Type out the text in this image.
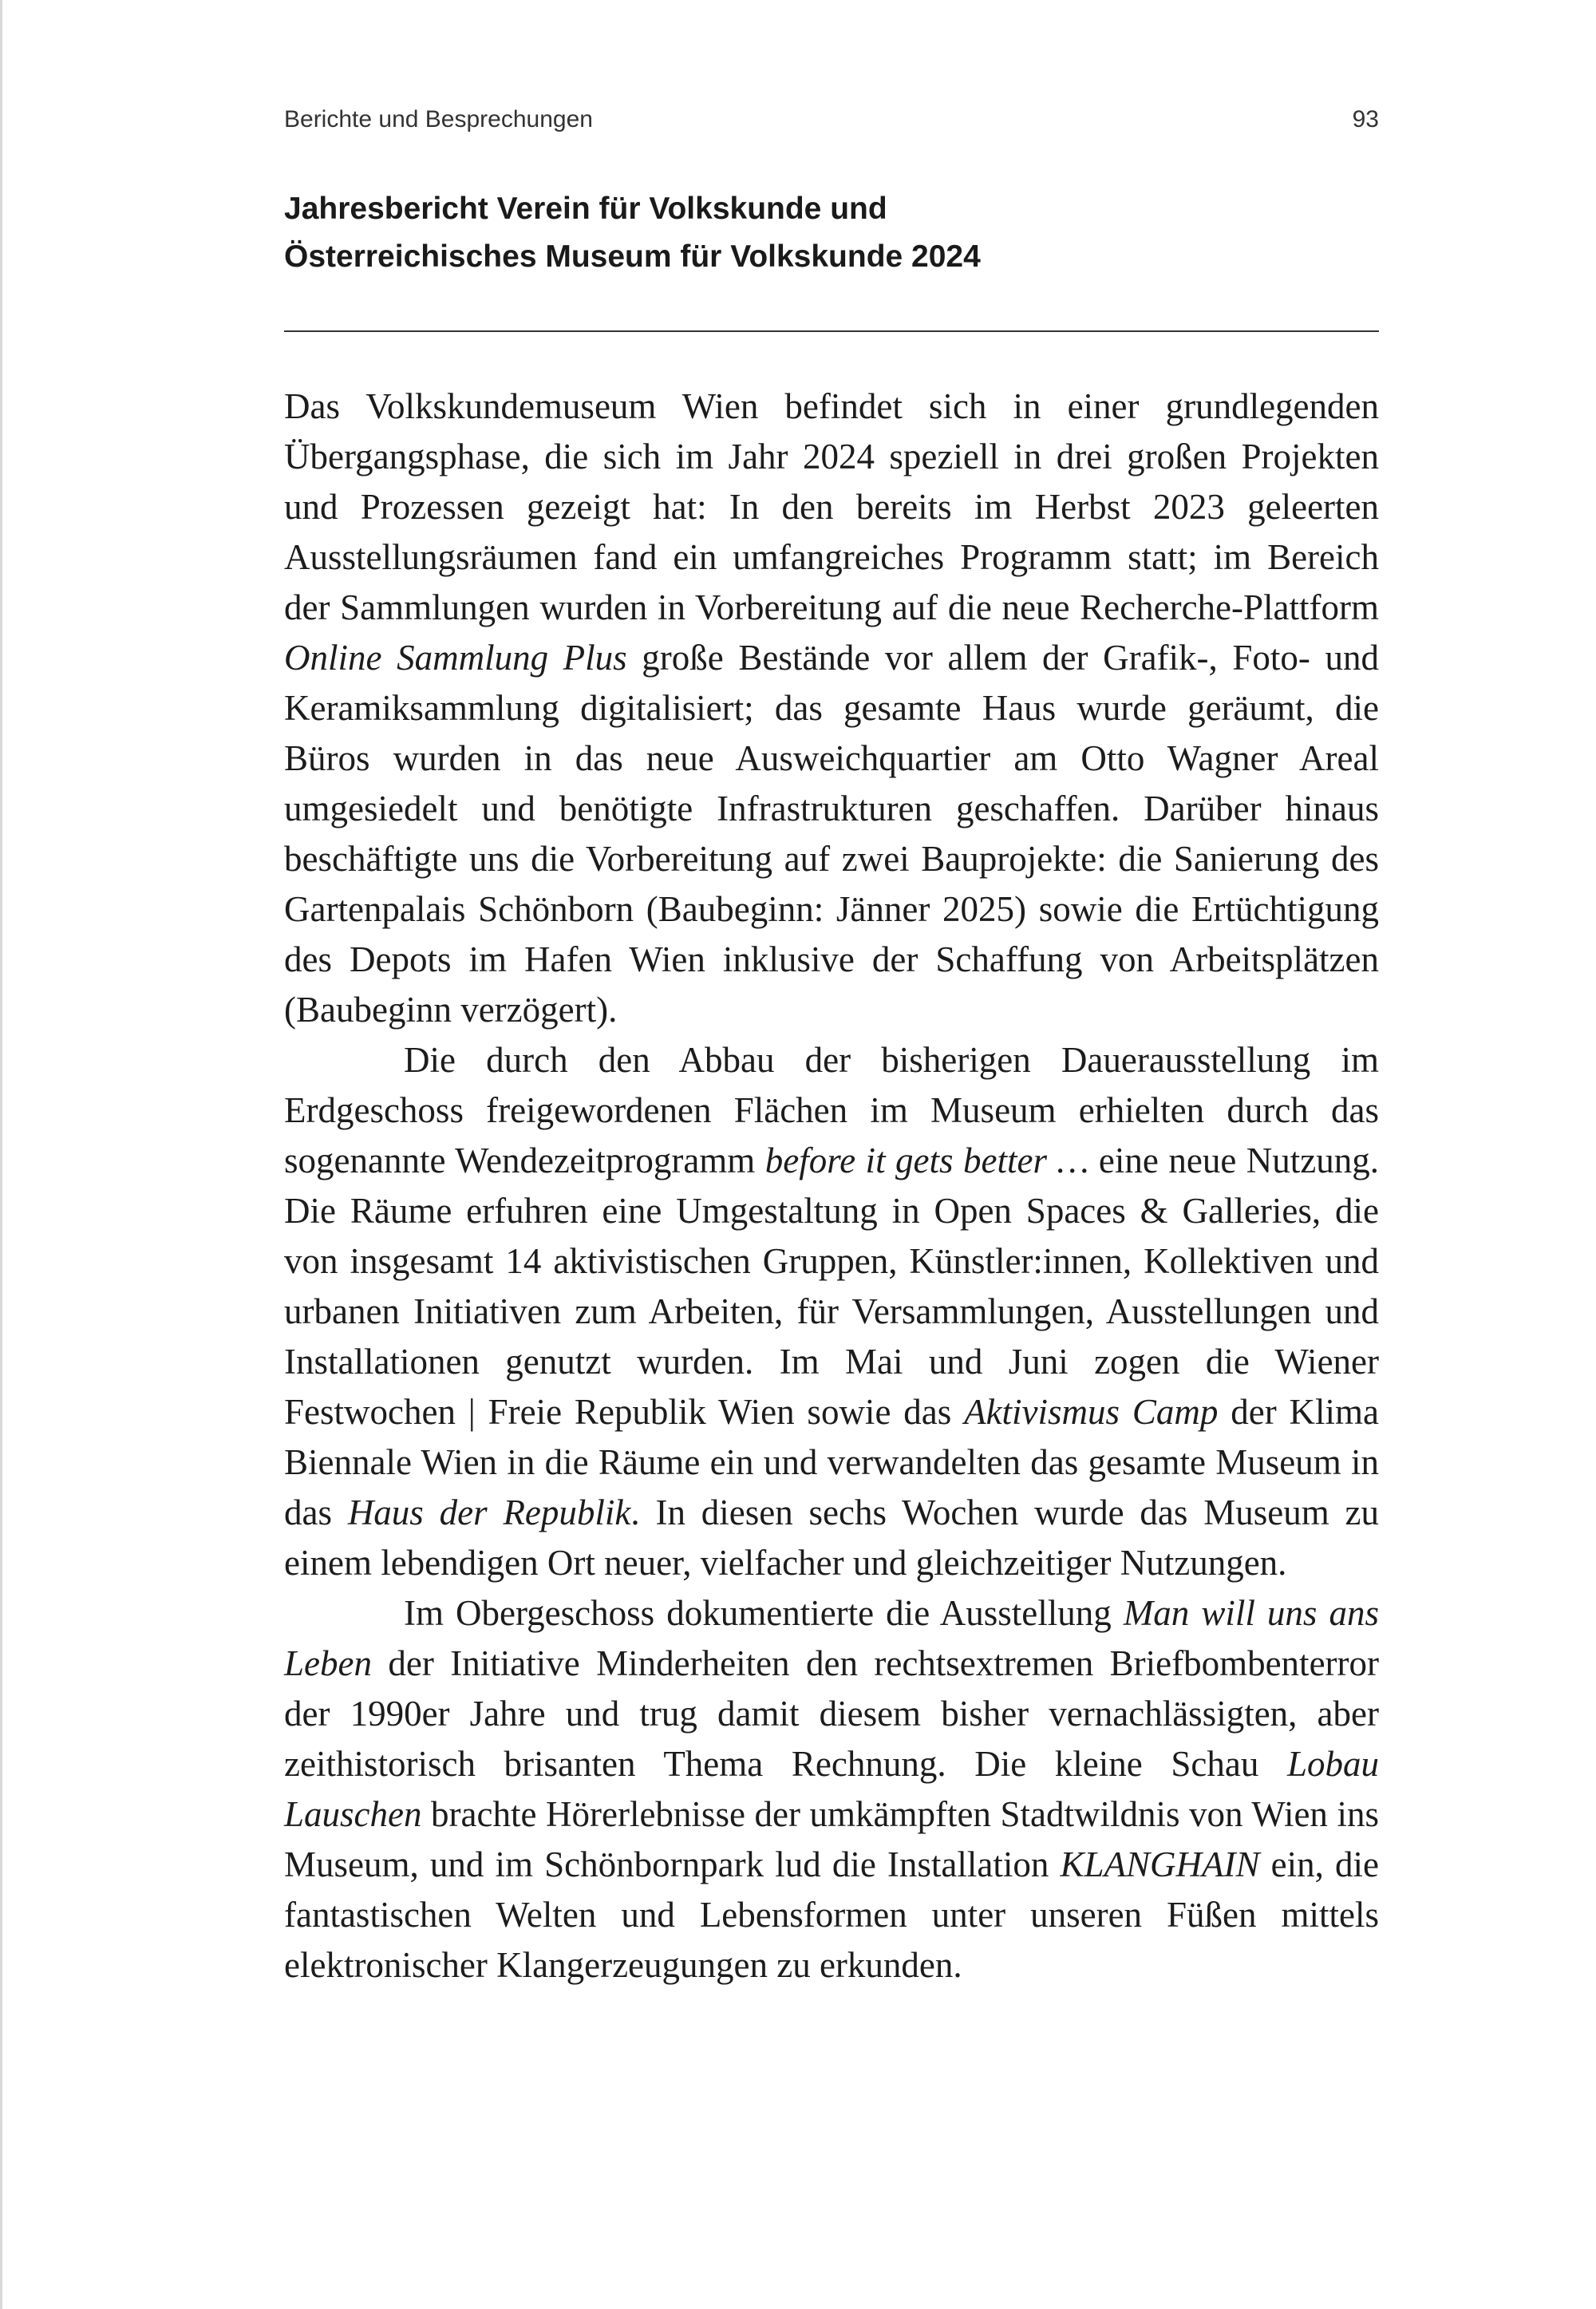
Berichte und Besprechungen	93
Jahresbericht Verein für Volkskunde und
Österreichisches Museum für Volkskunde 2024

Das Volkskundemuseum Wien befindet sich in einer grundlegenden Übergangsphase, die sich im Jahr 2024 speziell in drei großen Projekten und Prozessen gezeigt hat: In den bereits im Herbst 2023 geleerten Ausstellungsräumen fand ein umfangreiches Programm statt; im Bereich der Sammlungen wurden in Vorbereitung auf die neue Recherche-Plattform Online Sammlung Plus große Bestände vor allem der Grafik-, Foto- und Keramiksammlung digitalisiert; das gesamte Haus wurde geräumt, die Büros wurden in das neue Ausweichquartier am Otto Wagner Areal umgesiedelt und benötigte Infrastrukturen geschaffen. Darüber hinaus beschäftigte uns die Vorbereitung auf zwei Bauprojekte: die Sanierung des Gartenpalais Schönborn (Baubeginn: Jänner 2025) sowie die Ertüchtigung des Depots im Hafen Wien inklusive der Schaffung von Arbeitsplätzen (Baubeginn verzögert).

Die durch den Abbau der bisherigen Dauerausstellung im Erdgeschoss freigewordenen Flächen im Museum erhielten durch das sogenannte Wendezeitprogramm before it gets better … eine neue Nutzung. Die Räume erfuhren eine Umgestaltung in Open Spaces & Galleries, die von insgesamt 14 aktivistischen Gruppen, Künstler:innen, Kollektiven und urbanen Initiativen zum Arbeiten, für Versammlungen, Ausstellungen und Installationen genutzt wurden. Im Mai und Juni zogen die Wiener Festwochen | Freie Republik Wien sowie das Aktivismus Camp der Klima Biennale Wien in die Räume ein und verwandelten das gesamte Museum in das Haus der Republik. In diesen sechs Wochen wurde das Museum zu einem lebendigen Ort neuer, vielfacher und gleichzeitiger Nutzungen.

Im Obergeschoss dokumentierte die Ausstellung Man will uns ans Leben der Initiative Minderheiten den rechtsextremen Briefbombenterror der 1990er Jahre und trug damit diesem bisher vernachlässigten, aber zeithistorisch brisanten Thema Rechnung. Die kleine Schau Lobau Lauschen brachte Hörerlebnisse der umkämpften Stadtwildnis von Wien ins Museum, und im Schönbornpark lud die Installation KLANGHAIN ein, die fantastischen Welten und Lebensformen unter unseren Füßen mittels elektronischer Klangerzeugungen zu erkunden.
